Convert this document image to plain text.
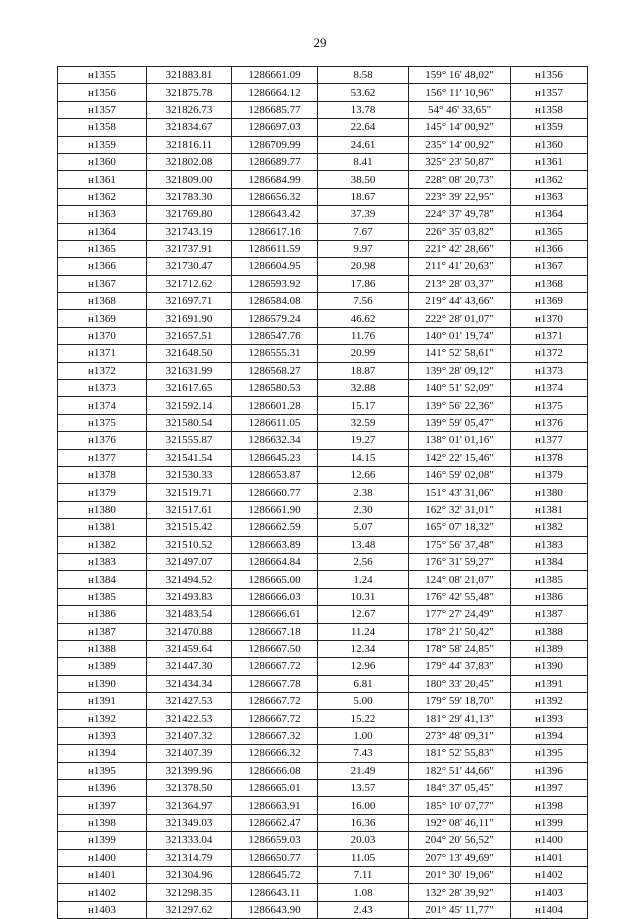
29
н1355	321883.81	1286661.09	8.58	159° 16' 48,02"	н1356
н1356	321875.78	1286664.12	53.62	156° 11' 10,96"	н1357
н1357	321826.73	1286685.77	13.78	54° 46' 33,65"	н1358
н1358	321834.67	1286697.03	22.64	145° 14' 00,92"	н1359
н1359	321816.11	1286709.99	24.61	235° 14' 00,92"	н1360
н1360	321802.08	1286689.77	8.41	325° 23' 50,87"	н1361
н1361	321809.00	1286684.99	38.50	228° 08' 20,73"	н1362
н1362	321783.30	1286656.32	18.67	223° 39' 22,95"	н1363
н1363	321769.80	1286643.42	37.39	224° 37' 49,78"	н1364
н1364	321743.19	1286617.16	7.67	226° 35' 03,82"	н1365
н1365	321737.91	1286611.59	9.97	221° 42' 28,66"	н1366
н1366	321730.47	1286604.95	20.98	211° 41' 20,63"	н1367
н1367	321712.62	1286593.92	17.86	213° 28' 03,37"	н1368
н1368	321697.71	1286584.08	7.56	219° 44' 43,66"	н1369
н1369	321691.90	1286579.24	46.62	222° 28' 01,07"	н1370
н1370	321657.51	1286547.76	11.76	140° 01' 19,74"	н1371
н1371	321648.50	1286555.31	20.99	141° 52' 58,61"	н1372
н1372	321631.99	1286568.27	18.87	139° 28' 09,12"	н1373
н1373	321617.65	1286580.53	32.88	140° 51' 52,09"	н1374
н1374	321592.14	1286601.28	15.17	139° 56' 22,36"	н1375
н1375	321580.54	1286611.05	32.59	139° 59' 05,47"	н1376
н1376	321555.87	1286632.34	19.27	138° 01' 01,16"	н1377
н1377	321541.54	1286645.23	14.15	142° 22' 15,46"	н1378
н1378	321530.33	1286653.87	12.66	146° 59' 02,08"	н1379
н1379	321519.71	1286660.77	2.38	151° 43' 31,06"	н1380
н1380	321517.61	1286661.90	2.30	162° 32' 31,01"	н1381
н1381	321515.42	1286662.59	5.07	165° 07' 18,32"	н1382
н1382	321510.52	1286663.89	13.48	175° 56' 37,48"	н1383
н1383	321497.07	1286664.84	2.56	176° 31' 59,27"	н1384
н1384	321494.52	1286665.00	1.24	124° 08' 21,07"	н1385
н1385	321493.83	1286666.03	10.31	176° 42' 55,48"	н1386
н1386	321483.54	1286666.61	12.67	177° 27' 24,49"	н1387
н1387	321470.88	1286667.18	11.24	178° 21' 50,42"	н1388
н1388	321459.64	1286667.50	12.34	178° 58' 24,85"	н1389
н1389	321447.30	1286667.72	12.96	179° 44' 37,83"	н1390
н1390	321434.34	1286667.78	6.81	180° 33' 20,45"	н1391
н1391	321427.53	1286667.72	5.00	179° 59' 18,70"	н1392
н1392	321422.53	1286667.72	15.22	181° 29' 41,13"	н1393
н1393	321407.32	1286667.32	1.00	273° 48' 09,31"	н1394
н1394	321407.39	1286666.32	7.43	181° 52' 55,83"	н1395
н1395	321399.96	1286666.08	21.49	182° 51' 44,66"	н1396
н1396	321378.50	1286665.01	13.57	184° 37' 05,45"	н1397
н1397	321364.97	1286663.91	16.00	185° 10' 07,77"	н1398
н1398	321349.03	1286662.47	16.36	192° 08' 46,11"	н1399
н1399	321333.04	1286659.03	20.03	204° 20' 56,52"	н1400
н1400	321314.79	1286650.77	11.05	207° 13' 49,69"	н1401
н1401	321304.96	1286645.72	7.11	201° 30' 19,06"	н1402
н1402	321298.35	1286643.11	1.08	132° 28' 39,92"	н1403
н1403	321297.62	1286643.90	2.43	201° 45' 11,77"	н1404
